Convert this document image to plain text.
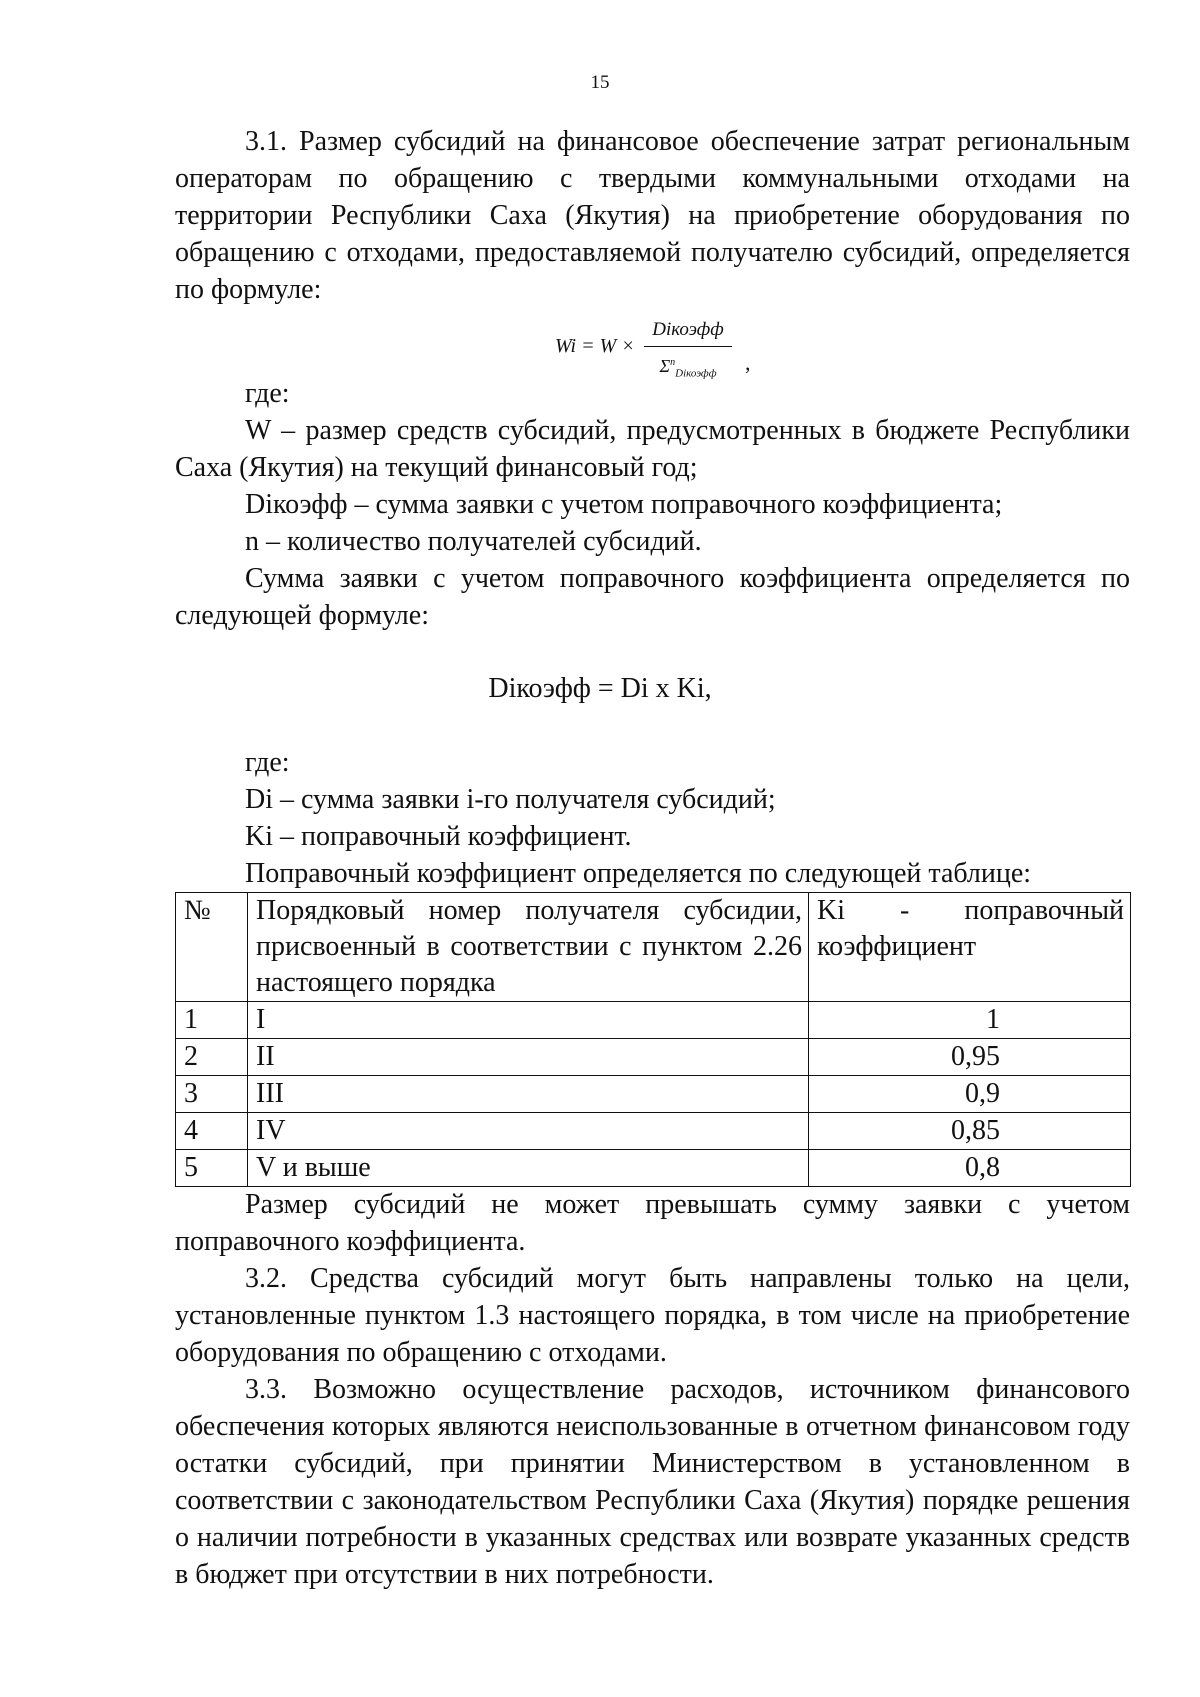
15

3.1. Размер субсидий на финансовое обеспечение затрат региональным операторам по обращению с твердыми коммунальными отходами на территории Республики Саха (Якутия) на приобретение оборудования по обращению с отходами, предоставляемой получателю субсидий, определяется по формуле:

Wi = W ×
Diкоэфф
$\Sigma^n_{Diкоэфф}$	,
где:
W – размер средств субсидий, предусмотренных в бюджете Республики
Саха (Якутия) на текущий финансовый год;
Diкоэфф – сумма заявки с учетом поправочного коэффициента;
n – количество получателей субсидий.
Сумма заявки с учетом поправочного коэффициента определяется по
следующей формуле:
Diкоэфф = Di x Ki,
где:
Di – сумма заявки i-го получателя субсидий;
Ki – поправочный коэффициент.
Поправочный коэффициент определяется по следующей таблице:
№	Порядковый номер получателя субсидии, присвоенный в соответствии с пунктом 2.26 настоящего порядка	Ki - поправочный
коэффициент

1	I	1
2	II	0,95
3	III	0,9
4	IV	0,85
5	V и выше	0,8

Размер субсидий не может превышать сумму заявки с учетом поправочного коэффициента.

3.2. Средства субсидий могут быть направлены только на цели, установленные пунктом 1.3 настоящего порядка, в том числе на приобретение оборудования по обращению с отходами.

3.3. Возможно осуществление расходов, источником финансового обеспечения которых являются неиспользованные в отчетном финансовом году остатки субсидий, при принятии Министерством в установленном в соответствии с законодательством Республики Саха (Якутия) порядке решения о наличии потребности в указанных средствах или возврате указанных средств в бюджет при отсутствии в них потребности.
